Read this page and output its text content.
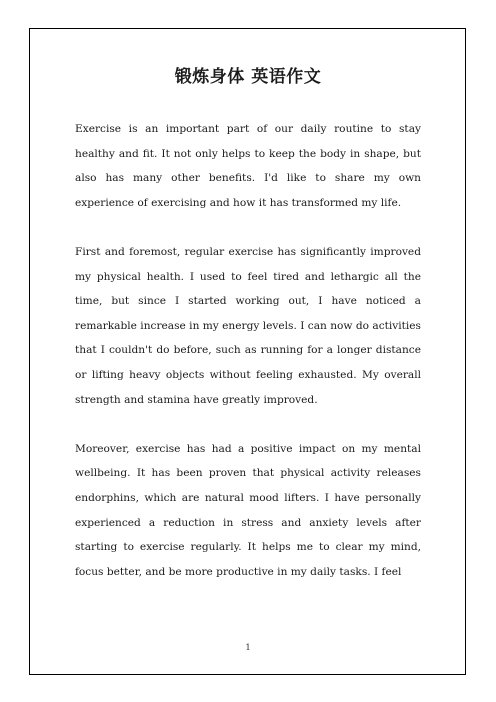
锻炼身体 英语作文

Exercise is an important part of our daily routine to stay healthy and fit. It not only helps to keep the body in shape, but also has many other benefits. I'd like to share my own experience of exercising and how it has transformed my life.

First and foremost, regular exercise has significantly improved my physical health. I used to feel tired and lethargic all the time, but since I started working out, I have noticed a remarkable increase in my energy levels. I can now do activities that I couldn't do before, such as running for a longer distance or lifting heavy objects without feeling exhausted. My overall strength and stamina have greatly improved.

Moreover, exercise has had a positive impact on my mental wellbeing. It has been proven that physical activity releases endorphins, which are natural mood lifters. I have personally experienced a reduction in stress and anxiety levels after starting to exercise regularly. It helps me to clear my mind, focus better, and be more productive in my daily tasks. I feel

1
